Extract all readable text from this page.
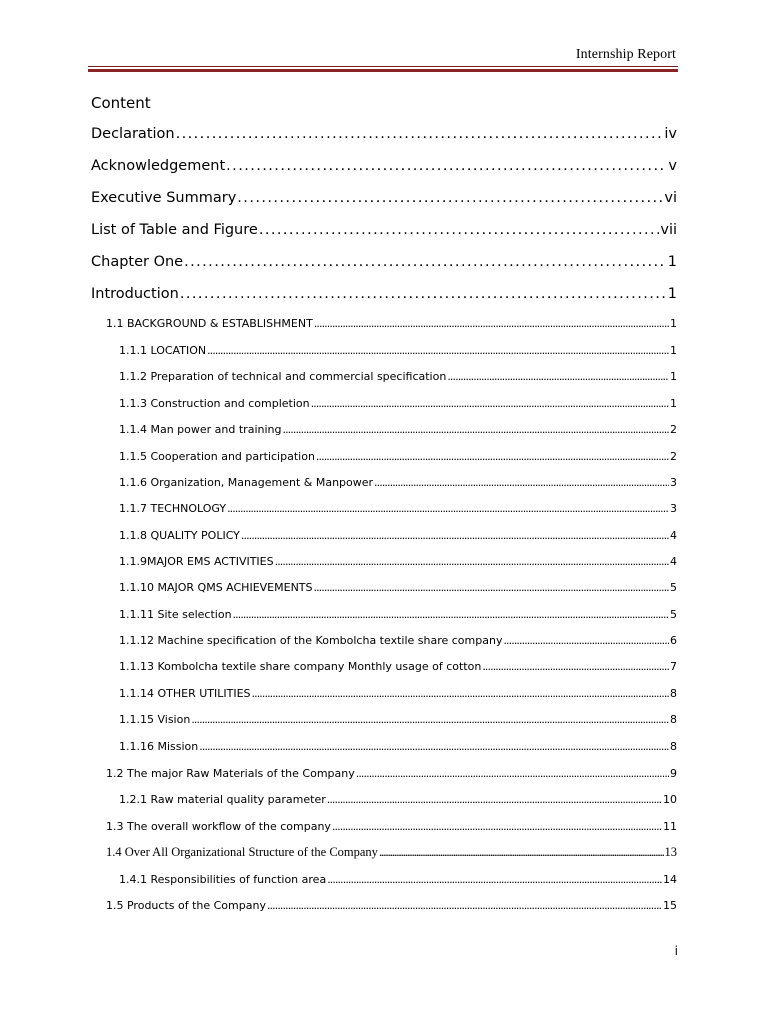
Internship Report
Content
Declaration . . .	iv
Acknowledgement . . .	v
Executive Summary . . .	vi
List of Table and Figure . . .	vii
Chapter One . . .	1
Introduction . . .	1
1.1 BACKGROUND & ESTABLISHMENT . . .	1
1.1.1 LOCATION . . .	1
1.1.2 Preparation of technical and commercial specification . . .	1
1.1.3 Construction and completion . . .	1
1.1.4 Man power and training . . .	2
1.1.5 Cooperation and participation . . .	2
1.1.6 Organization, Management & Manpower . . .	3
1.1.7 TECHNOLOGY . . .	3
1.1.8 QUALITY POLICY . . .	4
1.1.9MAJOR EMS ACTIVITIES . . .	4
1.1.10 MAJOR QMS ACHIEVEMENTS . . .	5
1.1.11 Site selection . . .	5
1.1.12 Machine specification of the Kombolcha textile share company . . .	6
1.1.13 Kombolcha textile share company Monthly usage of cotton . . .	7
1.1.14 OTHER UTILITIES . . .	8
1.1.15 Vision . . .	8
1.1.16 Mission . . .	8
1.2 The major Raw Materials of the Company . . .	9
1.2.1 Raw material quality parameter . . .	10
1.3 The overall workflow of the company . . .	11
1.4 Over All Organizational Structure of the Company . . .	13
1.4.1 Responsibilities of function area . . .	14
1.5 Products of the Company . . .	15
i
